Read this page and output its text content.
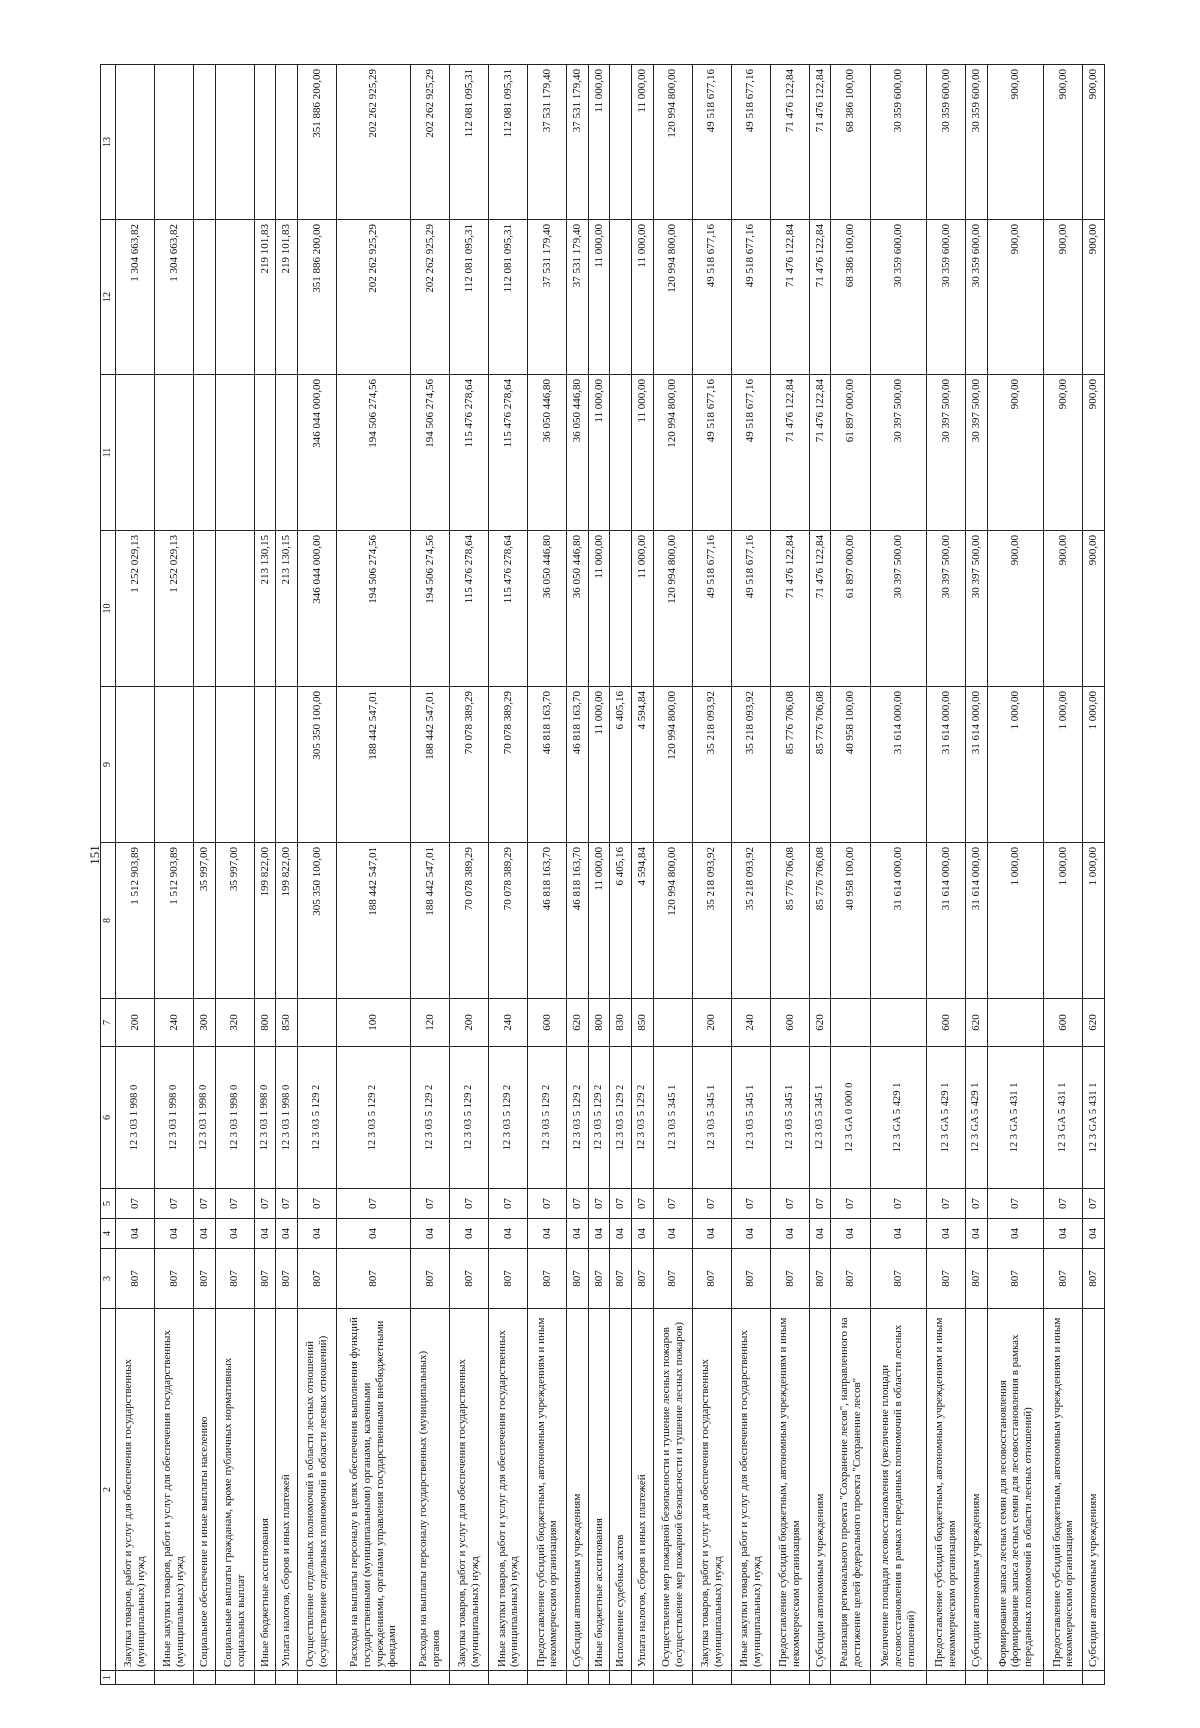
151
1	2	3	4	5	6	7	8	9	10	11	12	13
	Закупка товаров, работ и услуг для обеспечения государственных (муниципальных) нужд	807	04	07	12 3 03 1 998 0	200	1 512 903,89		1 252 029,13		1 304 663,82	
	Иные закупки товаров, работ и услуг для обеспечения государственных (муниципальных) нужд	807	04	07	12 3 03 1 998 0	240	1 512 903,89		1 252 029,13		1 304 663,82	
	Социальное обеспечение и иные выплаты населению	807	04	07	12 3 03 1 998 0	300	35 997,00					
	Социальные выплаты гражданам, кроме публичных нормативных социальных выплат	807	04	07	12 3 03 1 998 0	320	35 997,00					
	Иные бюджетные ассигнования	807	04	07	12 3 03 1 998 0	800	199 822,00		213 130,15		219 101,83	
	Уплата налогов, сборов и иных платежей	807	04	07	12 3 03 1 998 0	850	199 822,00		213 130,15		219 101,83	
	Осуществление отдельных полномочий в области лесных отношений (осуществление отдельных полномочий в области лесных отношений)	807	04	07	12 3 03 5 129 2		305 350 100,00	305 350 100,00	346 044 000,00	346 044 000,00	351 886 200,00	351 886 200,00
	Расходы на выплаты персоналу в целях обеспечения выполнения функций государственными (муниципальными) органами, казенными учреждениями, органами управления государственными внебюджетными фондами	807	04	07	12 3 03 5 129 2	100	188 442 547,01	188 442 547,01	194 506 274,56	194 506 274,56	202 262 925,29	202 262 925,29
	Расходы на выплаты персоналу государственных (муниципальных) органов	807	04	07	12 3 03 5 129 2	120	188 442 547,01	188 442 547,01	194 506 274,56	194 506 274,56	202 262 925,29	202 262 925,29
	Закупка товаров, работ и услуг для обеспечения государственных (муниципальных) нужд	807	04	07	12 3 03 5 129 2	200	70 078 389,29	70 078 389,29	115 476 278,64	115 476 278,64	112 081 095,31	112 081 095,31
	Иные закупки товаров, работ и услуг для обеспечения государственных (муниципальных) нужд	807	04	07	12 3 03 5 129 2	240	70 078 389,29	70 078 389,29	115 476 278,64	115 476 278,64	112 081 095,31	112 081 095,31
	Предоставление субсидий бюджетным, автономным учреждениям и иным некоммерческим организациям	807	04	07	12 3 03 5 129 2	600	46 818 163,70	46 818 163,70	36 050 446,80	36 050 446,80	37 531 179,40	37 531 179,40
	Субсидии автономным учреждениям	807	04	07	12 3 03 5 129 2	620	46 818 163,70	46 818 163,70	36 050 446,80	36 050 446,80	37 531 179,40	37 531 179,40
	Иные бюджетные ассигнования	807	04	07	12 3 03 5 129 2	800	11 000,00	11 000,00	11 000,00	11 000,00	11 000,00	11 000,00
	Исполнение судебных актов	807	04	07	12 3 03 5 129 2	830	6 405,16	6 405,16				
	Уплата налогов, сборов и иных платежей	807	04	07	12 3 03 5 129 2	850	4 594,84	4 594,84	11 000,00	11 000,00	11 000,00	11 000,00
	Осуществление мер пожарной безопасности и тушение лесных пожаров (осуществление мер пожарной безопасности и тушение лесных пожаров)	807	04	07	12 3 03 5 345 1		120 994 800,00	120 994 800,00	120 994 800,00	120 994 800,00	120 994 800,00	120 994 800,00
	Закупка товаров, работ и услуг для обеспечения государственных (муниципальных) нужд	807	04	07	12 3 03 5 345 1	200	35 218 093,92	35 218 093,92	49 518 677,16	49 518 677,16	49 518 677,16	49 518 677,16
	Иные закупки товаров, работ и услуг для обеспечения государственных (муниципальных) нужд	807	04	07	12 3 03 5 345 1	240	35 218 093,92	35 218 093,92	49 518 677,16	49 518 677,16	49 518 677,16	49 518 677,16
	Предоставление субсидий бюджетным, автономным учреждениям и иным некоммерческим организациям	807	04	07	12 3 03 5 345 1	600	85 776 706,08	85 776 706,08	71 476 122,84	71 476 122,84	71 476 122,84	71 476 122,84
	Субсидии автономным учреждениям	807	04	07	12 3 03 5 345 1	620	85 776 706,08	85 776 706,08	71 476 122,84	71 476 122,84	71 476 122,84	71 476 122,84
	Реализация регионального проекта "Сохранение лесов", направленного на достижение целей федерального проекта "Сохранение лесов"	807	04	07	12 3 GA 0 000 0		40 958 100,00	40 958 100,00	61 897 000,00	61 897 000,00	68 386 100,00	68 386 100,00
	Увеличение площади лесовосстановления (увеличение площади лесовосстановления в рамках переданных полномочий в области лесных отношений)	807	04	07	12 3 GA 5 429 1		31 614 000,00	31 614 000,00	30 397 500,00	30 397 500,00	30 359 600,00	30 359 600,00
	Предоставление субсидий бюджетным, автономным учреждениям и иным некоммерческим организациям	807	04	07	12 3 GA 5 429 1	600	31 614 000,00	31 614 000,00	30 397 500,00	30 397 500,00	30 359 600,00	30 359 600,00
	Субсидии автономным учреждениям	807	04	07	12 3 GA 5 429 1	620	31 614 000,00	31 614 000,00	30 397 500,00	30 397 500,00	30 359 600,00	30 359 600,00
	Формирование запаса лесных семян для лесовосстановления (формирование запаса лесных семян для лесовосстановления в рамках переданных полномочий в области лесных отношений)	807	04	07	12 3 GA 5 431 1		1 000,00	1 000,00	900,00	900,00	900,00	900,00
	Предоставление субсидий бюджетным, автономным учреждениям и иным некоммерческим организациям	807	04	07	12 3 GA 5 431 1	600	1 000,00	1 000,00	900,00	900,00	900,00	900,00
	Субсидии автономным учреждениям	807	04	07	12 3 GA 5 431 1	620	1 000,00	1 000,00	900,00	900,00	900,00	900,00
